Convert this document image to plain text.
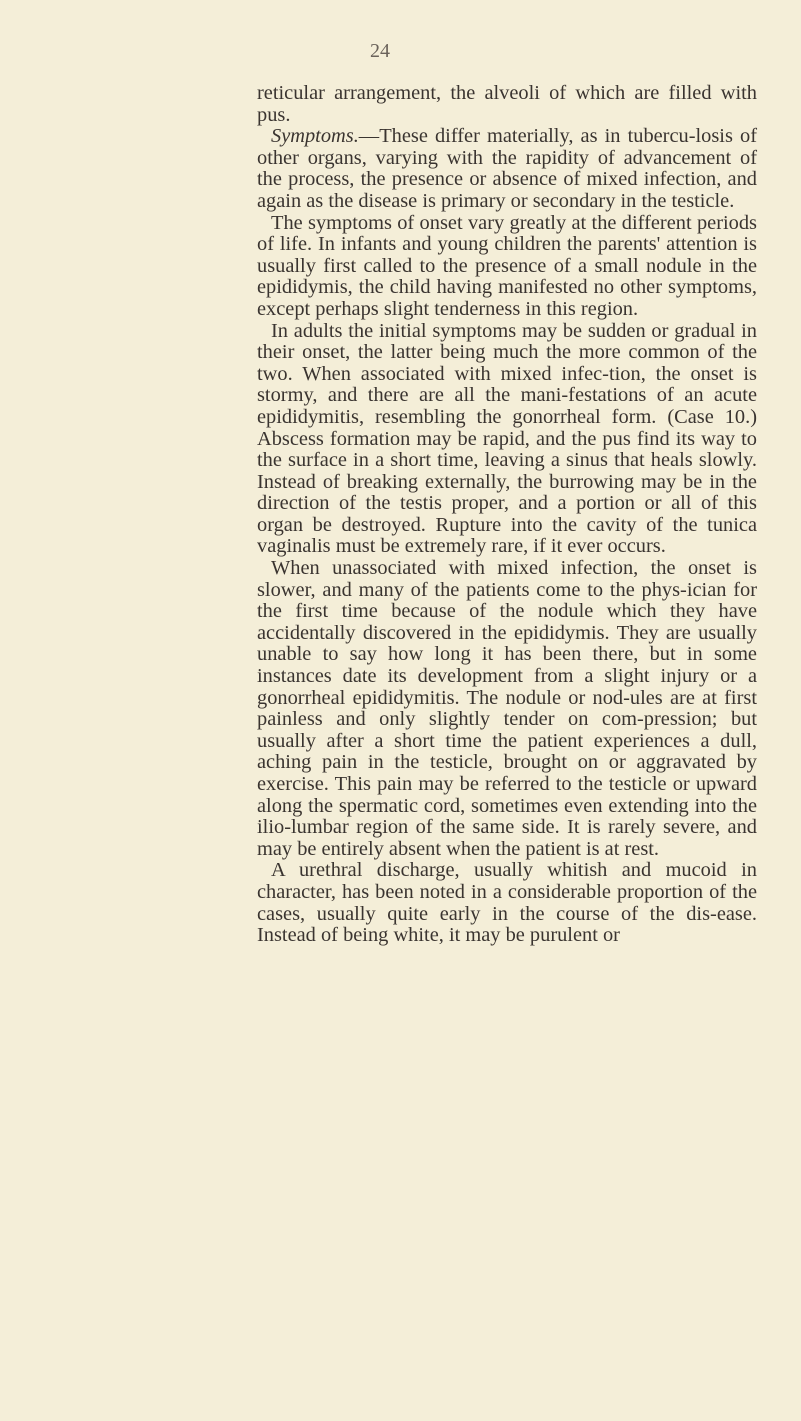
24

reticular arrangement, the alveoli of which are filled with pus.

Symptoms.—These differ materially, as in tubercu-losis of other organs, varying with the rapidity of advancement of the process, the presence or absence of mixed infection, and again as the disease is primary or secondary in the testicle.

The symptoms of onset vary greatly at the different periods of life. In infants and young children the parents' attention is usually first called to the presence of a small nodule in the epididymis, the child having manifested no other symptoms, except perhaps slight tenderness in this region.

In adults the initial symptoms may be sudden or gradual in their onset, the latter being much the more common of the two. When associated with mixed infec-tion, the onset is stormy, and there are all the mani-festations of an acute epididymitis, resembling the gonorrheal form. (Case 10.) Abscess formation may be rapid, and the pus find its way to the surface in a short time, leaving a sinus that heals slowly. Instead of breaking externally, the burrowing may be in the direction of the testis proper, and a portion or all of this organ be destroyed. Rupture into the cavity of the tunica vaginalis must be extremely rare, if it ever occurs.

When unassociated with mixed infection, the onset is slower, and many of the patients come to the phys-ician for the first time because of the nodule which they have accidentally discovered in the epididymis. They are usually unable to say how long it has been there, but in some instances date its development from a slight injury or a gonorrheal epididymitis. The nodule or nod-ules are at first painless and only slightly tender on com-pression; but usually after a short time the patient experiences a dull, aching pain in the testicle, brought on or aggravated by exercise. This pain may be referred to the testicle or upward along the spermatic cord, sometimes even extending into the ilio-lumbar region of the same side. It is rarely severe, and may be entirely absent when the patient is at rest.

A urethral discharge, usually whitish and mucoid in character, has been noted in a considerable proportion of the cases, usually quite early in the course of the dis-ease. Instead of being white, it may be purulent or
